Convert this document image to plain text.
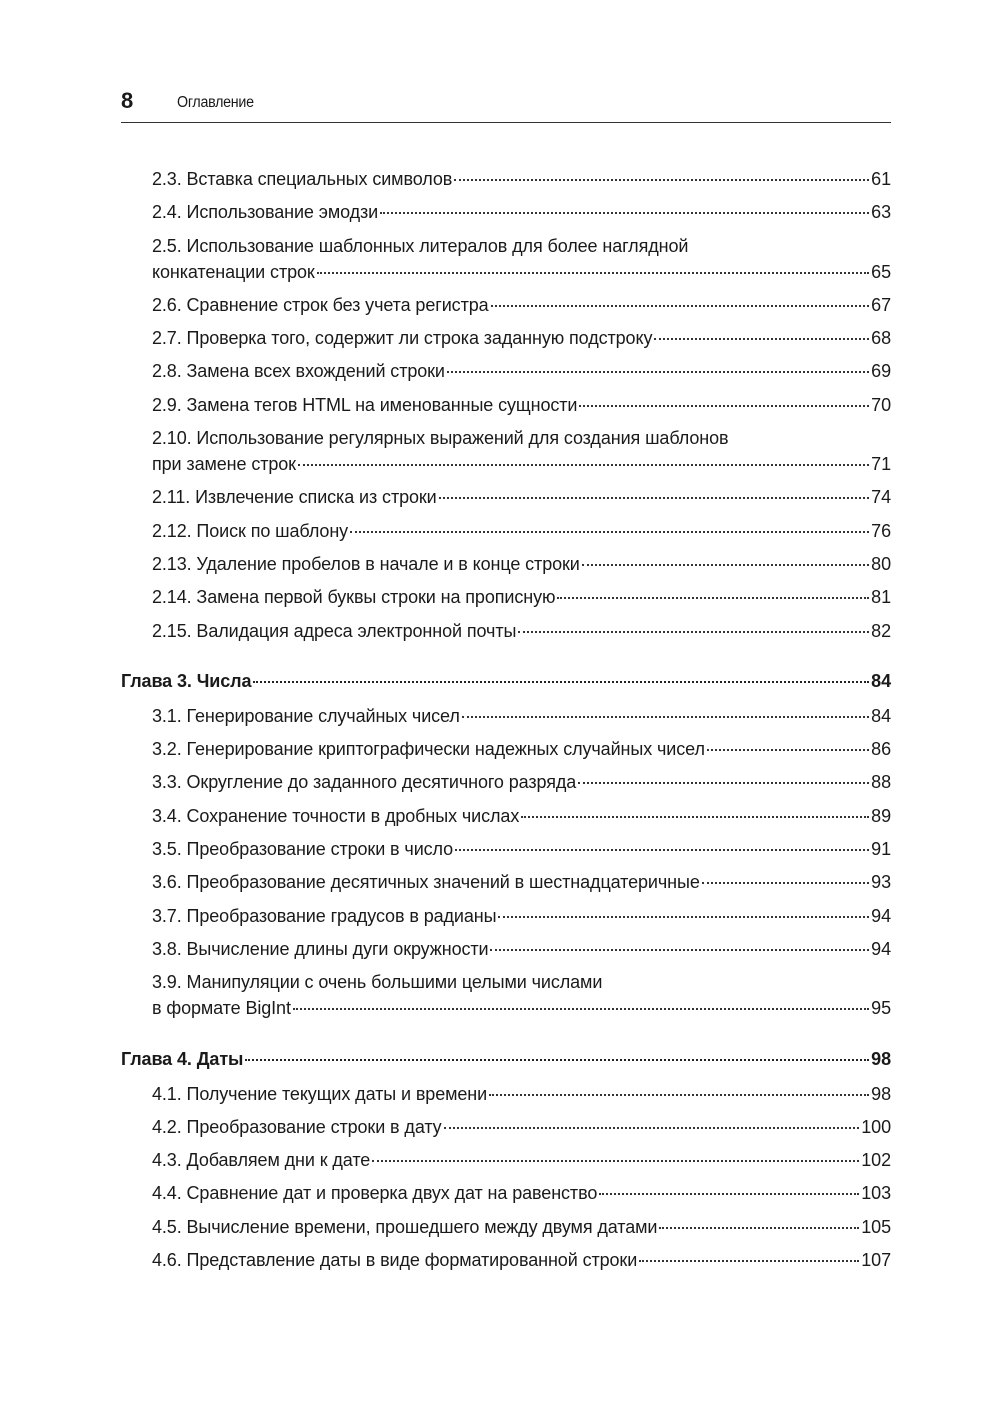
8	Оглавление
2.3. Вставка специальных символов	61
2.4. Использование эмодзи	63
2.5. Использование шаблонных литералов для более наглядной
конкатенации строк	65
2.6. Сравнение строк без учета регистра	67
2.7. Проверка того, содержит ли строка заданную подстроку	68
2.8. Замена всех вхождений строки	69
2.9. Замена тегов HTML на именованные сущности	70
2.10. Использование регулярных выражений для создания шаблонов
при замене строк	71
2.11. Извлечение списка из строки	74
2.12. Поиск по шаблону	76
2.13. Удаление пробелов в начале и в конце строки	80
2.14. Замена первой буквы строки на прописную	81
2.15. Валидация адреса электронной почты	82
Глава 3. Числа	84
3.1. Генерирование случайных чисел	84
3.2. Генерирование криптографически надежных случайных чисел	86
3.3. Округление до заданного десятичного разряда	88
3.4. Сохранение точности в дробных числах	89
3.5. Преобразование строки в число	91
3.6. Преобразование десятичных значений в шестнадцатеричные	93
3.7. Преобразование градусов в радианы	94
3.8. Вычисление длины дуги окружности	94
3.9. Манипуляции с очень большими целыми числами
в формате BigInt	95
Глава 4. Даты	98
4.1. Получение текущих даты и времени	98
4.2. Преобразование строки в дату	100
4.3. Добавляем дни к дате	102
4.4. Сравнение дат и проверка двух дат на равенство	103
4.5. Вычисление времени, прошедшего между двумя датами	105
4.6. Представление даты в виде форматированной строки	107
